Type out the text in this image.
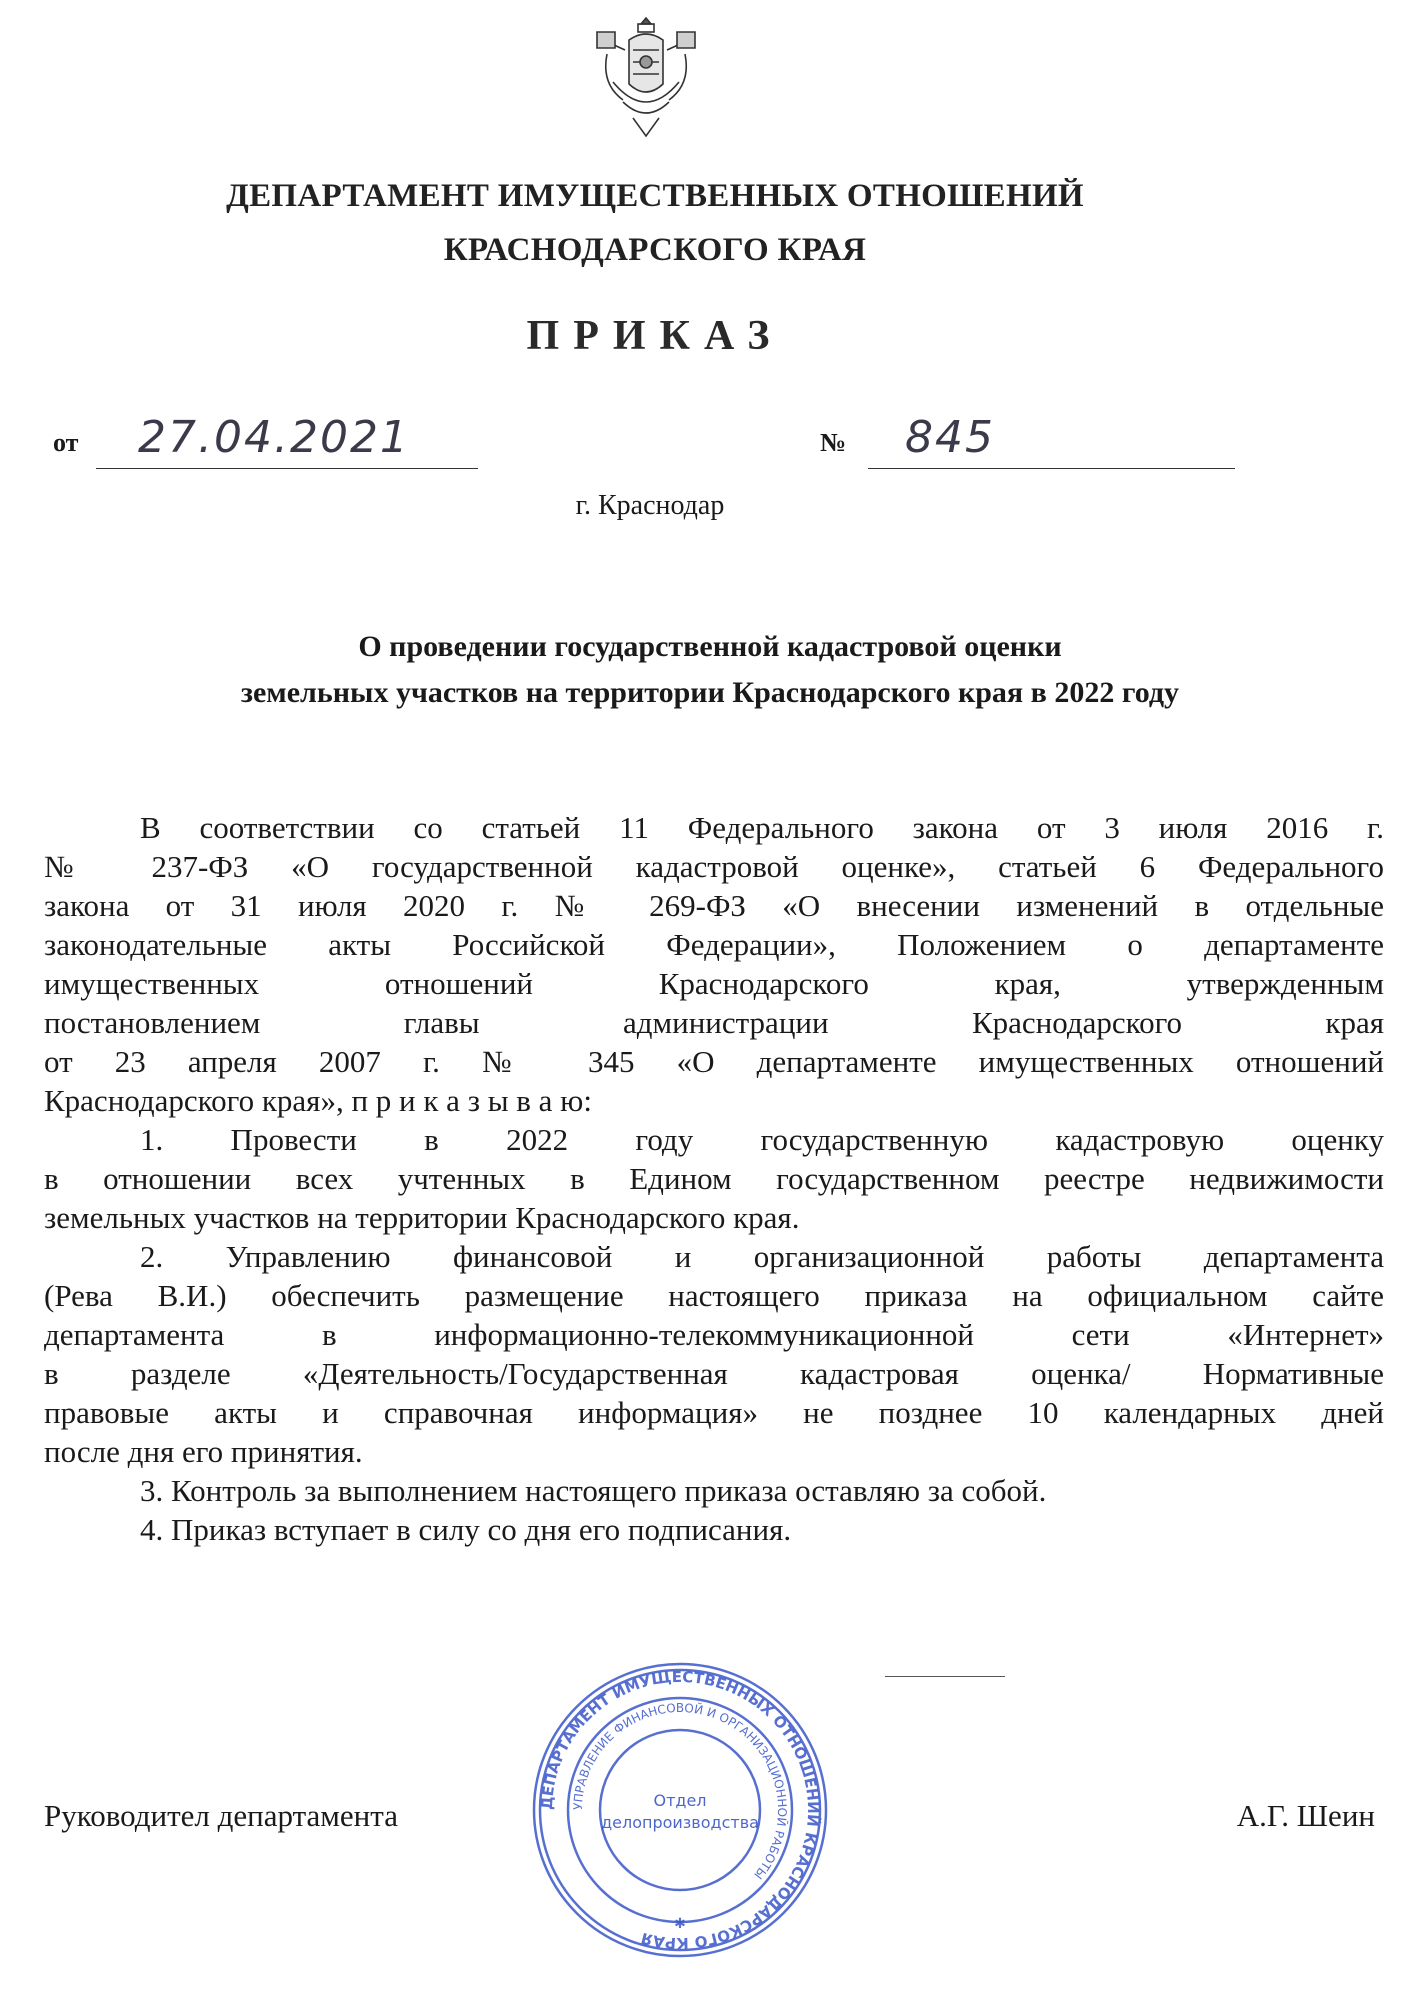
ДЕПАРТАМЕНТ ИМУЩЕСТВЕННЫХ ОТНОШЕНИЙ
КРАСНОДАРСКОГО КРАЯ
ПРИКАЗ
от 27.04.2021	№ 845
г. Краснодар
О проведении государственной кадастровой оценки
земельных участков на территории Краснодарского края в 2022 году

В соответствии со статьей 11 Федерального закона от 3 июля 2016 г.

№ 237-ФЗ «О государственной кадастровой оценке», статьей 6 Федерального

закона от 31 июля 2020 г. № 269-ФЗ «О внесении изменений в отдельные

законодательные акты Российской Федерации», Положением о департаменте

имущественных отношений Краснодарского края, утвержденным

постановлением главы администрации Краснодарского края

от 23 апреля 2007 г. № 345 «О департаменте имущественных отношений

Краснодарского края», п р и к а з ы в а ю:

1. Провести в 2022 году государственную кадастровую оценку

в отношении всех учтенных в Едином государственном реестре недвижимости

земельных участков на территории Краснодарского края.

2. Управлению финансовой и организационной работы департамента

(Рева В.И.) обеспечить размещение настоящего приказа на официальном сайте

департамента в информационно-телекоммуникационной сети «Интернет»

в разделе «Деятельность/Государственная кадастровая оценка/ Нормативные

правовые акты и справочная информация» не позднее 10 календарных дней

после дня его принятия.

3. Контроль за выполнением настоящего приказа оставляю за собой.

4. Приказ вступает в силу со дня его подписания.

Руководител департамента	А.Г. Шеин
ДЕПАРТАМЕНТ ИМУЩЕСТВЕННЫХ ОТНОШЕНИЙ КРАСНОДАРСКОГО КРАЯ
УПРАВЛЕНИЕ ФИНАНСОВОЙ И ОРГАНИЗАЦИОННОЙ РАБОТЫ
Отдел
делопроизводства
✱
